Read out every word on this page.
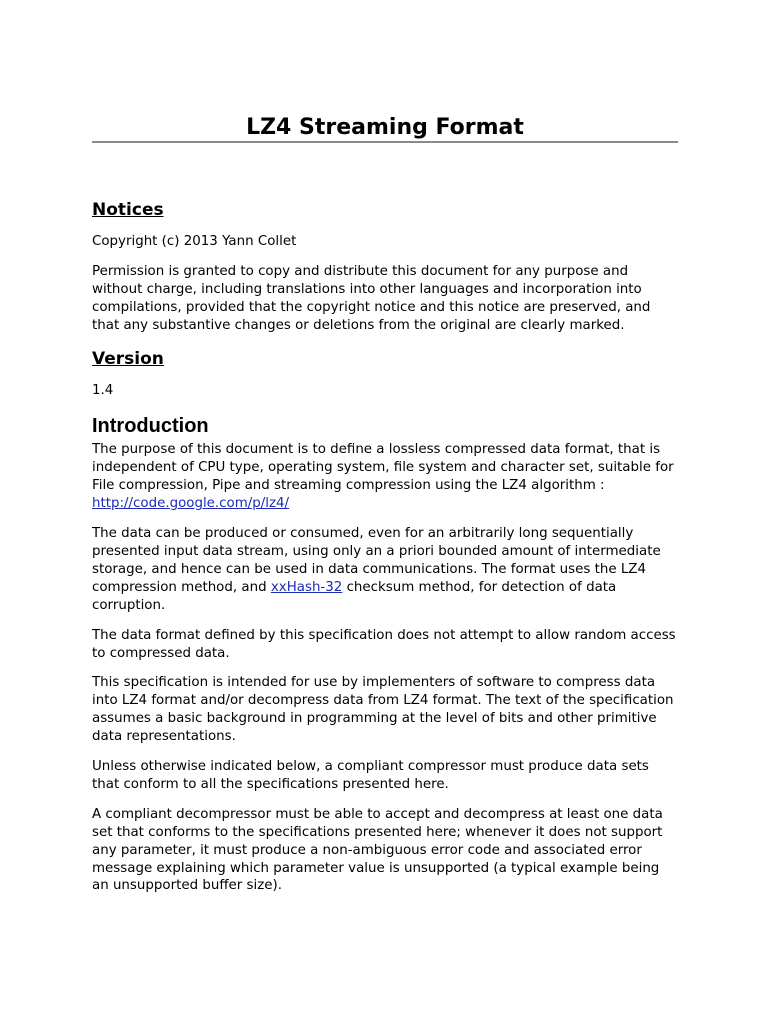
LZ4 Streaming Format
Notices

Copyright (c) 2013 Yann Collet

Permission is granted to copy and distribute this document for any purpose and without charge, including translations into other languages and incorporation into compilations, provided that the copyright notice and this notice are preserved, and that any substantive changes or deletions from the original are clearly marked.

Version

1.4

Introduction

The purpose of this document is to define a lossless compressed data format, that is independent of CPU type, operating system, file system and character set, suitable for File compression, Pipe and streaming compression using the LZ4 algorithm : http://code.google.com/p/lz4/

The data can be produced or consumed, even for an arbitrarily long sequentially presented input data stream, using only an a priori bounded amount of intermediate storage, and hence can be used in data communications. The format uses the LZ4 compression method, and xxHash-32 checksum method, for detection of data corruption.

The data format defined by this specification does not attempt to allow random access to compressed data.

This specification is intended for use by implementers of software to compress data into LZ4 format and/or decompress data from LZ4 format. The text of the specification assumes a basic background in programming at the level of bits and other primitive data representations.

Unless otherwise indicated below, a compliant compressor must produce data sets that conform to all the specifications presented here.

A compliant decompressor must be able to accept and decompress at least one data set that conforms to the specifications presented here; whenever it does not support any parameter, it must produce a non-ambiguous error code and associated error message explaining which parameter value is unsupported (a typical example being an unsupported buffer size).
